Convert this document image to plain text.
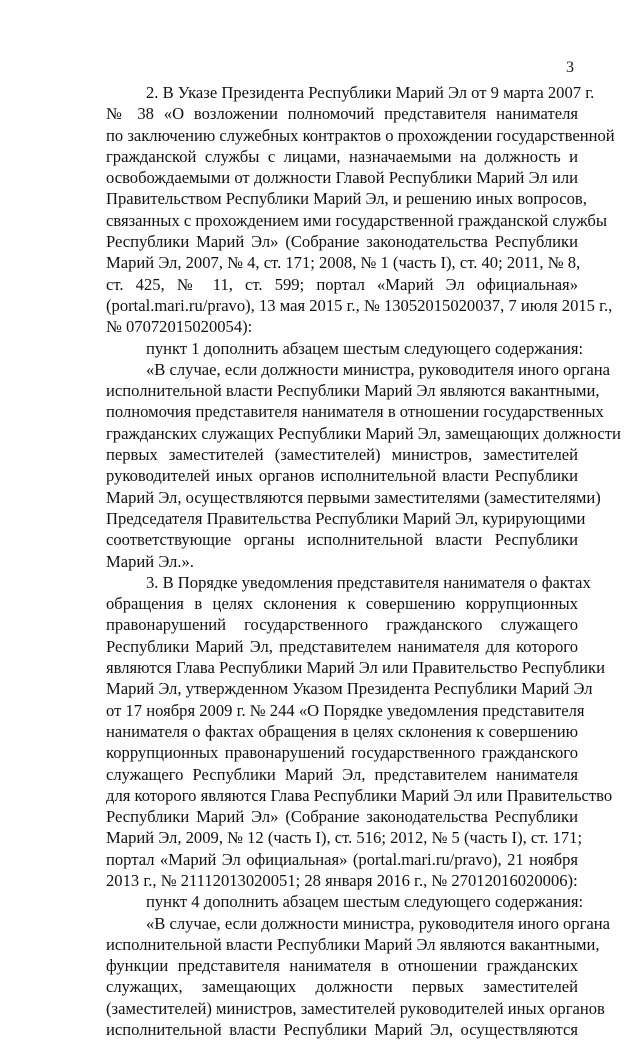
3
2. В Указе Президента Республики Марий Эл от 9 марта 2007 г.
№ 38 «О возложении полномочий представителя нанимателя
по заключению служебных контрактов о прохождении государственной
гражданской службы с лицами, назначаемыми на должность и
освобождаемыми от должности Главой Республики Марий Эл или
Правительством Республики Марий Эл, и решению иных вопросов,
связанных с прохождением ими государственной гражданской службы
Республики Марий Эл» (Собрание законодательства Республики
Марий Эл, 2007, № 4, ст. 171; 2008, № 1 (часть I), ст. 40; 2011, № 8,
ст. 425, № 11, ст. 599; портал «Марий Эл официальная»
(portal.mari.ru/pravo), 13 мая 2015 г., № 13052015020037, 7 июля 2015 г.,
№ 07072015020054):
пункт 1 дополнить абзацем шестым следующего содержания:
«В случае, если должности министра, руководителя иного органа
исполнительной власти Республики Марий Эл являются вакантными,
полномочия представителя нанимателя в отношении государственных
гражданских служащих Республики Марий Эл, замещающих должности
первых заместителей (заместителей) министров, заместителей
руководителей иных органов исполнительной власти Республики
Марий Эл, осуществляются первыми заместителями (заместителями)
Председателя Правительства Республики Марий Эл, курирующими
соответствующие органы исполнительной власти Республики
Марий Эл.».
3. В Порядке уведомления представителя нанимателя о фактах
обращения в целях склонения к совершению коррупционных
правонарушений государственного гражданского служащего
Республики Марий Эл, представителем нанимателя для которого
являются Глава Республики Марий Эл или Правительство Республики
Марий Эл, утвержденном Указом Президента Республики Марий Эл
от 17 ноября 2009 г. № 244 «О Порядке уведомления представителя
нанимателя о фактах обращения в целях склонения к совершению
коррупционных правонарушений государственного гражданского
служащего Республики Марий Эл, представителем нанимателя
для которого являются Глава Республики Марий Эл или Правительство
Республики Марий Эл» (Собрание законодательства Республики
Марий Эл, 2009, № 12 (часть I), ст. 516; 2012, № 5 (часть I), ст. 171;
портал «Марий Эл официальная» (portal.mari.ru/pravo), 21 ноября
2013 г., № 21112013020051; 28 января 2016 г., № 27012016020006):
пункт 4 дополнить абзацем шестым следующего содержания:
«В случае, если должности министра, руководителя иного органа
исполнительной власти Республики Марий Эл являются вакантными,
функции представителя нанимателя в отношении гражданских
служащих, замещающих должности первых заместителей
(заместителей) министров, заместителей руководителей иных органов
исполнительной власти Республики Марий Эл, осуществляются
